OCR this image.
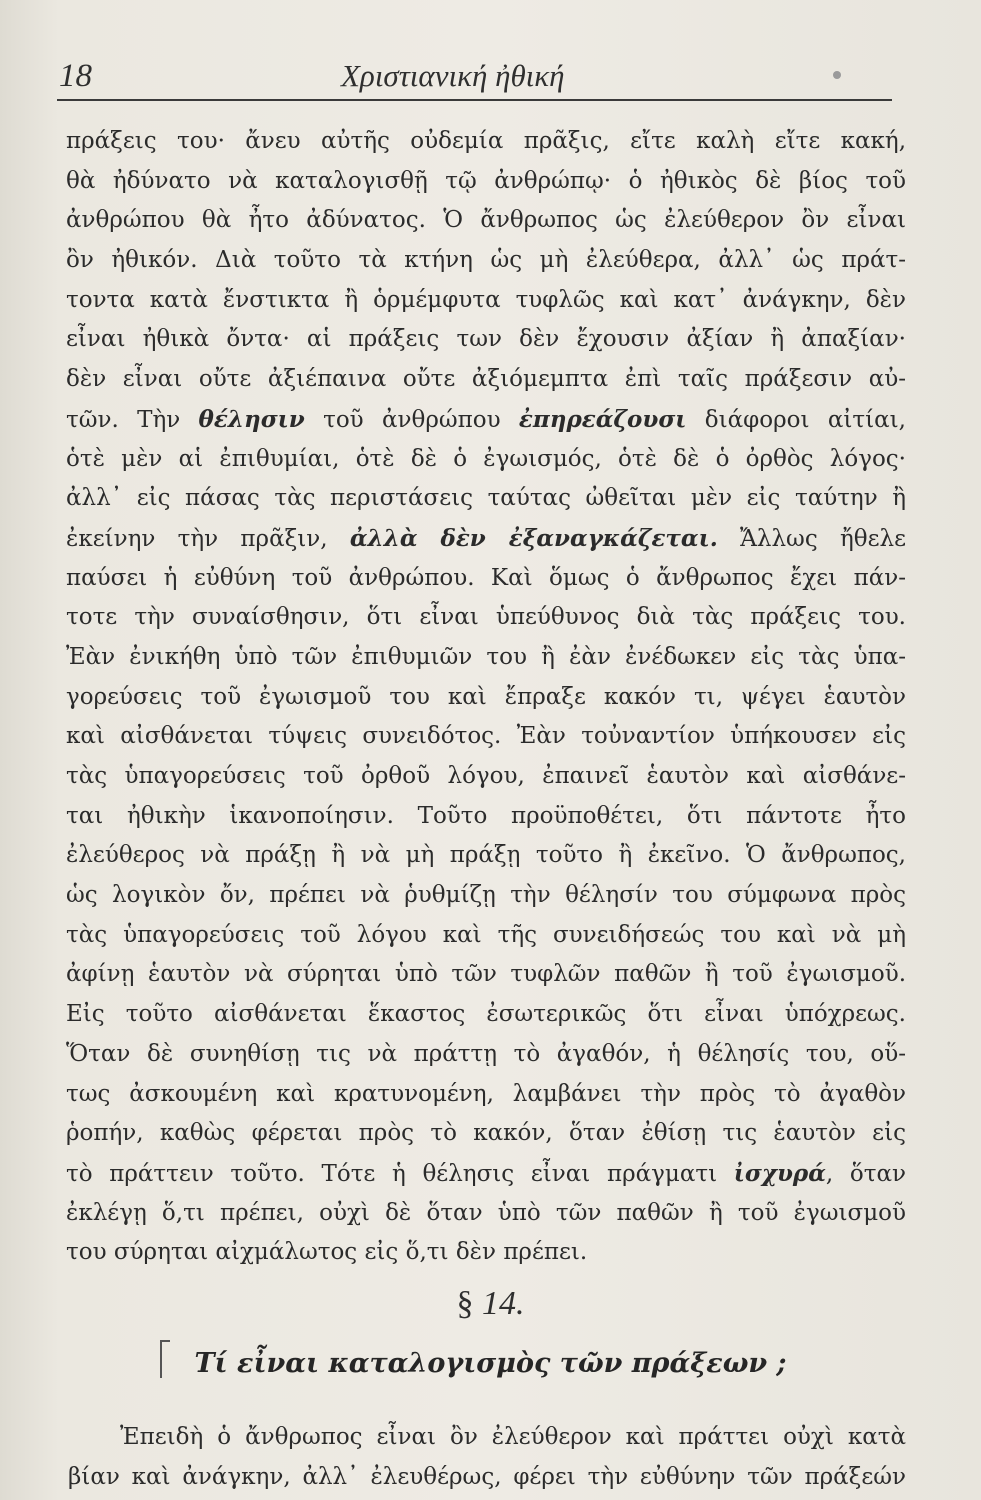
18	Χριστιανική ἠθική
πράξεις του· ἄνευ αὐτῆς οὐδεμία πρᾶξις, εἴτε καλὴ εἴτε κακή,
θὰ ἠδύνατο νὰ καταλογισθῇ τῷ ἀνθρώπῳ· ὁ ἠθικὸς δὲ βίος τοῦ
ἀνθρώπου θὰ ἦτο ἀδύνατος. Ὁ ἄνθρωπος ὡς ἐλεύθερον ὂν εἶναι
ὂν ἠθικόν. Διὰ τοῦτο τὰ κτήνη ὡς μὴ ἐλεύθερα, ἀλλ᾽ ὡς πράτ-
τοντα κατὰ ἔνστικτα ἢ ὁρμέμφυτα τυφλῶς καὶ κατ᾽ ἀνάγκην, δὲν
εἶναι ἠθικὰ ὄντα· αἱ πράξεις των δὲν ἔχουσιν ἀξίαν ἢ ἀπαξίαν·
δὲν εἶναι οὔτε ἀξιέπαινα οὔτε ἀξιόμεμπτα ἐπὶ ταῖς πράξεσιν αὐ-
τῶν. Τὴν θέλησιν τοῦ ἀνθρώπου ἐπηρεάζουσι διάφοροι αἰτίαι,
ὁτὲ μὲν αἱ ἐπιθυμίαι, ὁτὲ δὲ ὁ ἐγωισμός, ὁτὲ δὲ ὁ ὀρθὸς λόγος·
ἀλλ᾽ εἰς πάσας τὰς περιστάσεις ταύτας ὠθεῖται μὲν εἰς ταύτην ἢ
ἐκείνην τὴν πρᾶξιν, ἀλλὰ δὲν ἐξαναγκάζεται. Ἄλλως ἤθελε
παύσει ἡ εὐθύνη τοῦ ἀνθρώπου. Καὶ ὅμως ὁ ἄνθρωπος ἔχει πάν-
τοτε τὴν συναίσθησιν, ὅτι εἶναι ὑπεύθυνος διὰ τὰς πράξεις του.
Ἐὰν ἐνικήθη ὑπὸ τῶν ἐπιθυμιῶν του ἢ ἐὰν ἐνέδωκεν εἰς τὰς ὑπα-
γορεύσεις τοῦ ἐγωισμοῦ του καὶ ἔπραξε κακόν τι, ψέγει ἑαυτὸν
καὶ αἰσθάνεται τύψεις συνειδότος. Ἐὰν τοὐναντίον ὑπήκουσεν εἰς
τὰς ὑπαγορεύσεις τοῦ ὀρθοῦ λόγου, ἐπαινεῖ ἑαυτὸν καὶ αἰσθάνε-
ται ἠθικὴν ἱκανοποίησιν. Τοῦτο προϋποθέτει, ὅτι πάντοτε ἦτο
ἐλεύθερος νὰ πράξῃ ἢ νὰ μὴ πράξῃ τοῦτο ἢ ἐκεῖνο. Ὁ ἄνθρωπος,
ὡς λογικὸν ὄν, πρέπει νὰ ῥυθμίζῃ τὴν θέλησίν του σύμφωνα πρὸς
τὰς ὑπαγορεύσεις τοῦ λόγου καὶ τῆς συνειδήσεώς του καὶ νὰ μὴ
ἀφίνῃ ἑαυτὸν νὰ σύρηται ὑπὸ τῶν τυφλῶν παθῶν ἢ τοῦ ἐγωισμοῦ.
Εἰς τοῦτο αἰσθάνεται ἕκαστος ἐσωτερικῶς ὅτι εἶναι ὑπόχρεως.
Ὅταν δὲ συνηθίσῃ τις νὰ πράττῃ τὸ ἀγαθόν, ἡ θέλησίς του, οὕ-
τως ἀσκουμένη καὶ κρατυνομένη, λαμβάνει τὴν πρὸς τὸ ἀγαθὸν
ῥοπήν, καθὼς φέρεται πρὸς τὸ κακόν, ὅταν ἐθίσῃ τις ἑαυτὸν εἰς
τὸ πράττειν τοῦτο. Τότε ἡ θέλησις εἶναι πράγματι ἰσχυρά, ὅταν
ἐκλέγῃ ὅ,τι πρέπει, οὐχὶ δὲ ὅταν ὑπὸ τῶν παθῶν ἢ τοῦ ἐγωισμοῦ
του σύρηται αἰχμάλωτος εἰς ὅ,τι δὲν πρέπει.
§ 14.
Τί εἶναι καταλογισμὸς τῶν πράξεων ;
Ἐπειδὴ ὁ ἄνθρωπος εἶναι ὂν ἐλεύθερον καὶ πράττει οὐχὶ κατὰ
βίαν καὶ ἀνάγκην, ἀλλ᾽ ἐλευθέρως, φέρει τὴν εὐθύνην τῶν πράξεών
